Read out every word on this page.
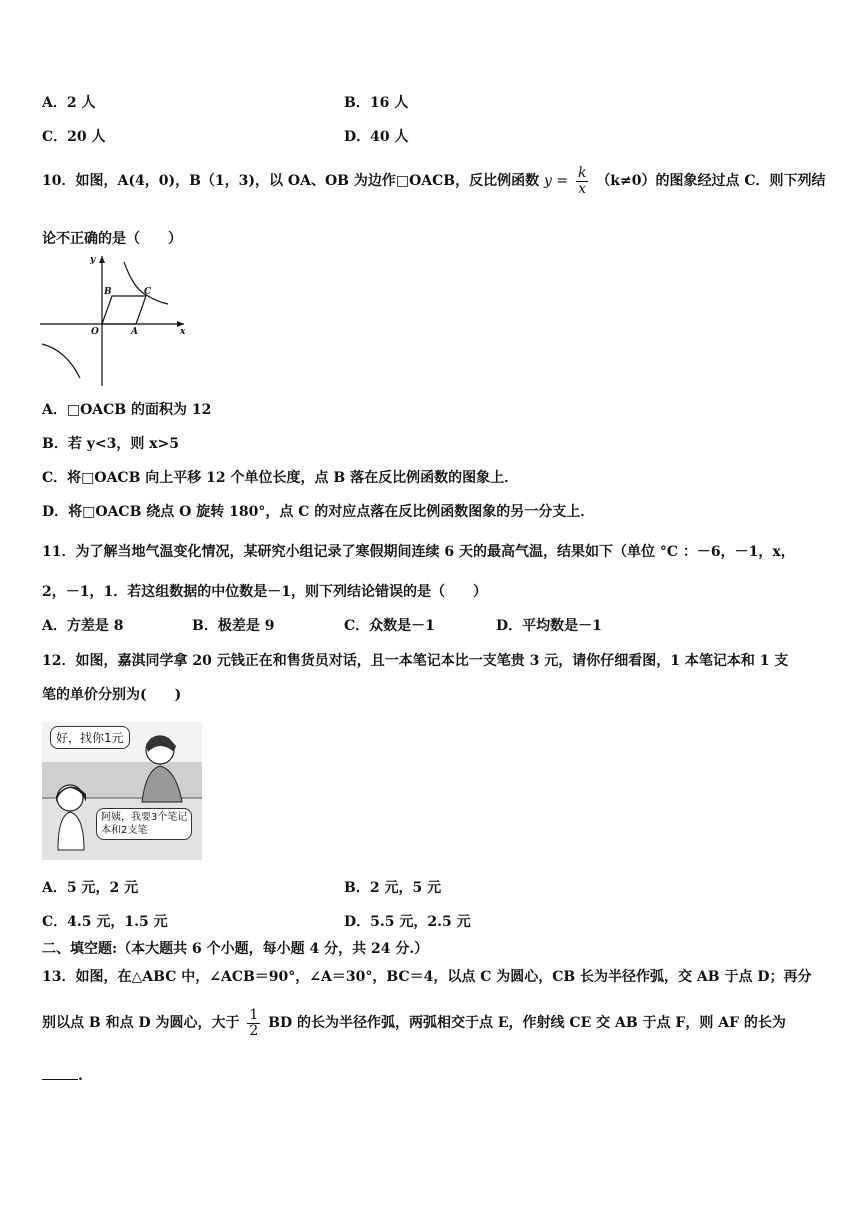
A．2 人	B．16 人
C．20 人	D．40 人
10．如图，A(4，0)，B（1，3)，以 OA、OB 为边作□OACB，反比例函数 $y = \frac{k}{x} (k\ne 0)$的图象经过点 C．则下列结
论不正确的是（　　）
y
x
O	A
B	C
A．□OACB 的面积为 12
B．若 y<3，则 x>5
C．将□OACB 向上平移 12 个单位长度，点 B 落在反比例函数的图象上．
D．将□OACB 绕点 O 旋转 180°，点 C 的对应点落在反比例函数图象的另一分支上．
11．为了解当地气温变化情况，某研究小组记录了寒假期间连续 6 天的最高气温，结果如下（单位 °C ：－6，－1，x，
2，－1，1．若这组数据的中位数是－1，则下列结论错误的是（　　）
A．方差是 8	B．极差是 9	C．众数是－1	D．平均数是－1
12．如图，嘉淇同学拿 20 元钱正在和售货员对话，且一本笔记本比一支笔贵 3 元，请你仔细看图，1 本笔记本和 1 支
笔的单价分别为(　　)
好，找你1元
阿姨，我要3个笔记
本和2支笔
A．5 元，2 元	B．2 元，5 元
C．4.5 元，1.5 元	D．5.5 元，2.5 元
二、填空题:（本大题共 6 个小题，每小题 4 分，共 24 分.）
13．如图，在△ABC 中，∠ACB＝90°，∠A＝30°，BC＝4，以点 C 为圆心，CB 长为半径作弧，交 AB 于点 D；再分
别以点 B 和点 D 为圆心，大于 $\frac{1}{2}$ BD 的长为半径作弧，两弧相交于点 E，作射线 CE 交 AB 于点 F，则 AF 的长为
.
